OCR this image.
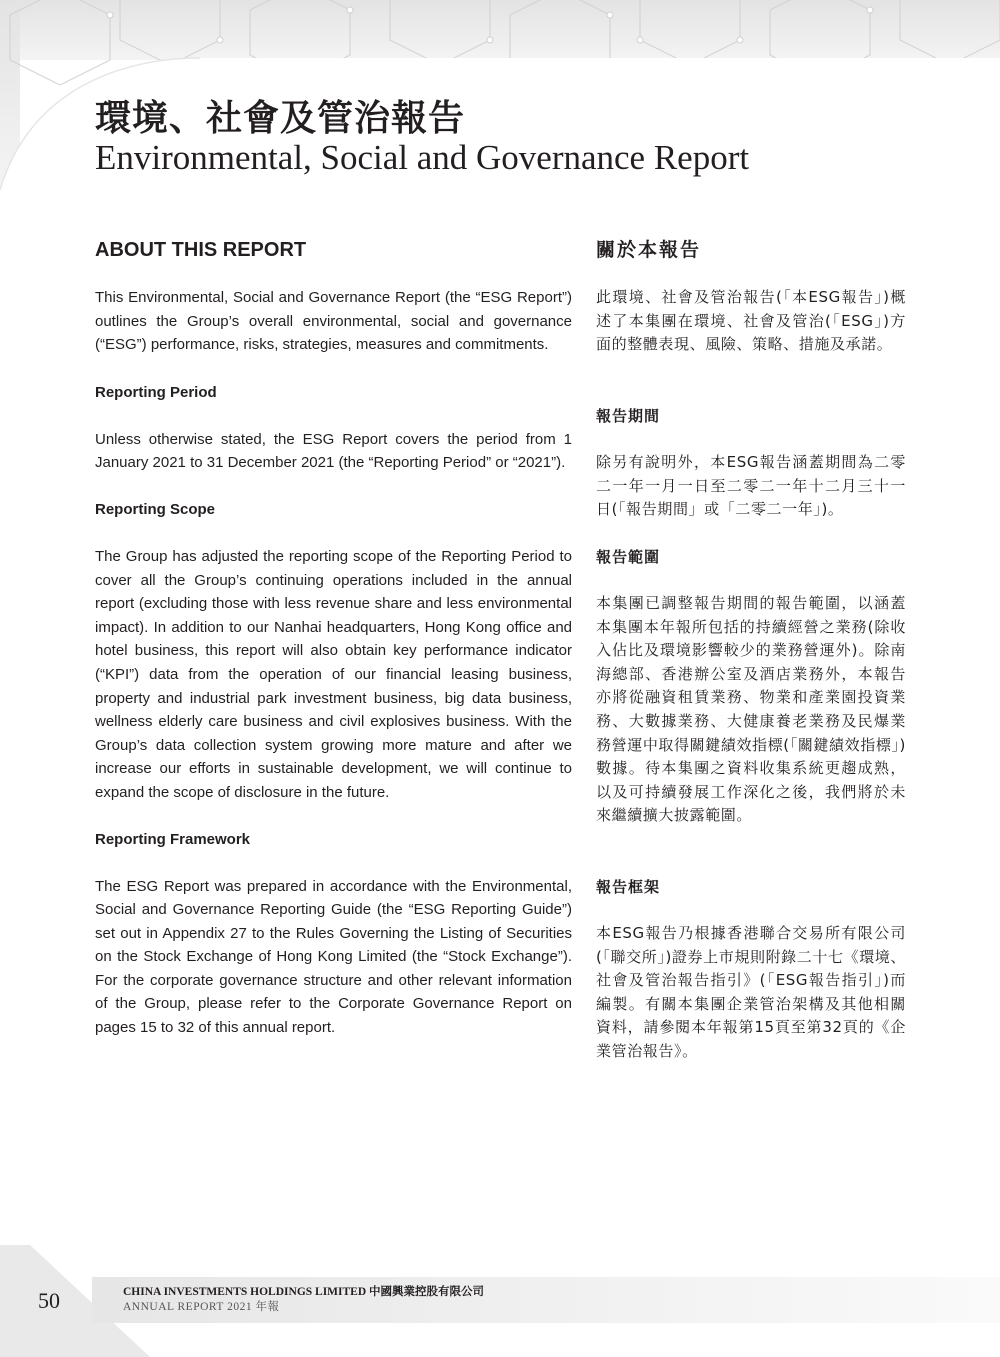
環境、社會及管治報告
Environmental, Social and Governance Report
ABOUT THIS REPORT

This Environmental, Social and Governance Report (the “ESG Report”) outlines the Group’s overall environmental, social and governance (“ESG”) performance, risks, strategies, measures and commitments.

Reporting Period

Unless otherwise stated, the ESG Report covers the period from 1 January 2021 to 31 December 2021 (the “Reporting Period” or “2021”).

Reporting Scope

The Group has adjusted the reporting scope of the Reporting Period to cover all the Group’s continuing operations included in the annual report (excluding those with less revenue share and less environmental impact). In addition to our Nanhai headquarters, Hong Kong office and hotel business, this report will also obtain key performance indicator (“KPI”) data from the operation of our financial leasing business, property and industrial park investment business, big data business, wellness elderly care business and civil explosives business. With the Group’s data collection system growing more mature and after we increase our efforts in sustainable development, we will continue to expand the scope of disclosure in the future.

Reporting Framework

The ESG Report was prepared in accordance with the Environmental, Social and Governance Reporting Guide (the “ESG Reporting Guide”) set out in Appendix 27 to the Rules Governing the Listing of Securities on the Stock Exchange of Hong Kong Limited (the “Stock Exchange”). For the corporate governance structure and other relevant information of the Group, please refer to the Corporate Governance Report on pages 15 to 32 of this annual report.

關於本報告

此環境、社會及管治報告(「本ESG報告」)概述了本集團在環境、社會及管治(「ESG」)方面的整體表現、風險、策略、措施及承諾。

報告期間

除另有說明外，本ESG報告涵蓋期間為二零二一年一月一日至二零二一年十二月三十一日(「報告期間」或「二零二一年」)。

報告範圍

本集團已調整報告期間的報告範圍，以涵蓋本集團本年報所包括的持續經營之業務(除收入佔比及環境影響較少的業務營運外)。除南海總部、香港辦公室及酒店業務外，本報告亦將從融資租賃業務、物業和產業園投資業務、大數據業務、大健康養老業務及民爆業務營運中取得關鍵績效指標(「關鍵績效指標」)數據。待本集團之資料收集系統更趨成熟，以及可持續發展工作深化之後，我們將於未來繼續擴大披露範圍。

報告框架

本ESG報告乃根據香港聯合交易所有限公司(「聯交所」)證券上市規則附錄二十七《環境、社會及管治報告指引》(「ESG報告指引」)而編製。有關本集團企業管治架構及其他相關資料，請參閱本年報第15頁至第32頁的《企業管治報告》。

50	CHINA INVESTMENTS HOLDINGS LIMITED 中國興業控股有限公司
ANNUAL REPORT 2021 年報
